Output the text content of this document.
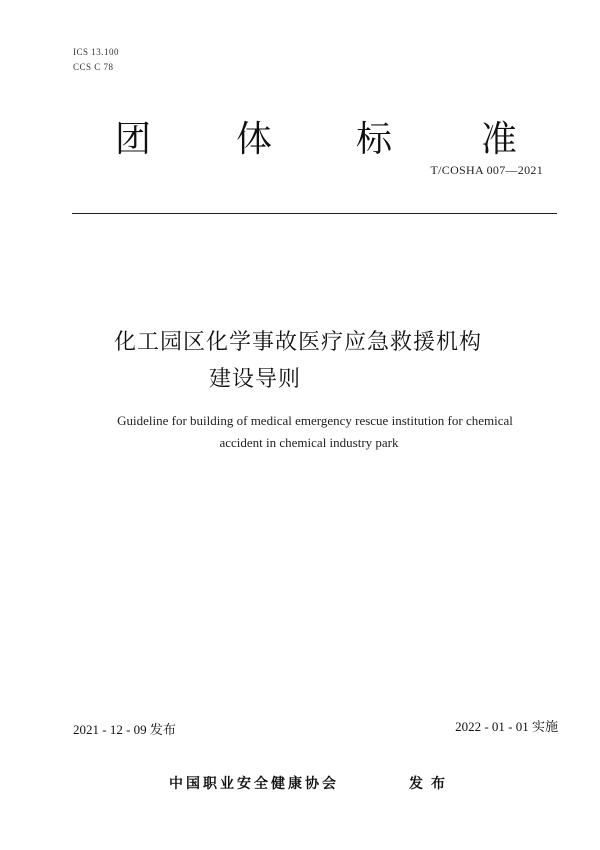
ICS 13.100
CCS C 78
团 体 标 准
T/COSHA 007—2021
化工园区化学事故医疗应急救援机构
建设导则
Guideline for building of medical emergency rescue institution for chemical
accident in chemical industry park
2021 - 12 - 09 发布	2022 - 01 - 01 实施
中国职业安全健康协会	发布
